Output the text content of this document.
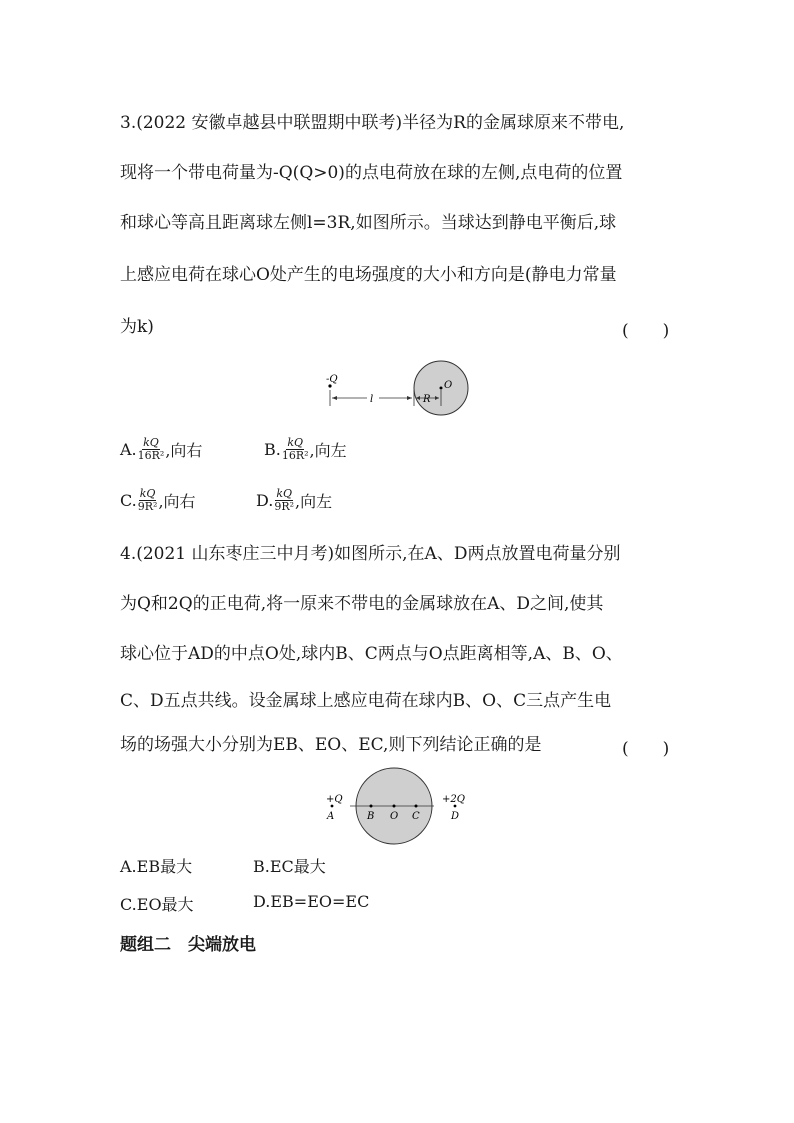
3.(2022 安徽卓越县中联盟期中联考)半径为R的金属球原来不带电,
现将一个带电荷量为-Q(Q>0)的点电荷放在球的左侧,点电荷的位置
和球心等高且距离球左侧l=3R,如图所示。当球达到静电平衡后,球
上感应电荷在球心O处产生的电场强度的大小和方向是(静电力常量
为k)	(　　)
-Q
l	R
O
A. $\frac{kQ}{\text{16R²}}$ ,向右	B. $\frac{kQ}{\text{16R²}}$ ,向左
C. $\frac{kQ}{\text{9R²}}$ ,向右	D. $\frac{kQ}{\text{9R²}}$ ,向左
4.(2021 山东枣庄三中月考)如图所示,在A、D两点放置电荷量分别
为Q和2Q的正电荷,将一原来不带电的金属球放在A、D之间,使其
球心位于AD的中点O处,球内B、C两点与O点距离相等,A、B、O、
C、D五点共线。设金属球上感应电荷在球内B、O、C三点产生电
场的场强大小分别为EB、EO、EC,则下列结论正确的是	(　　)
+Q
A	B O C
+2Q
D
A.EB最大	B.EC最大
C.EO最大	D.EB=EO=EC
题组二　尖端放电
